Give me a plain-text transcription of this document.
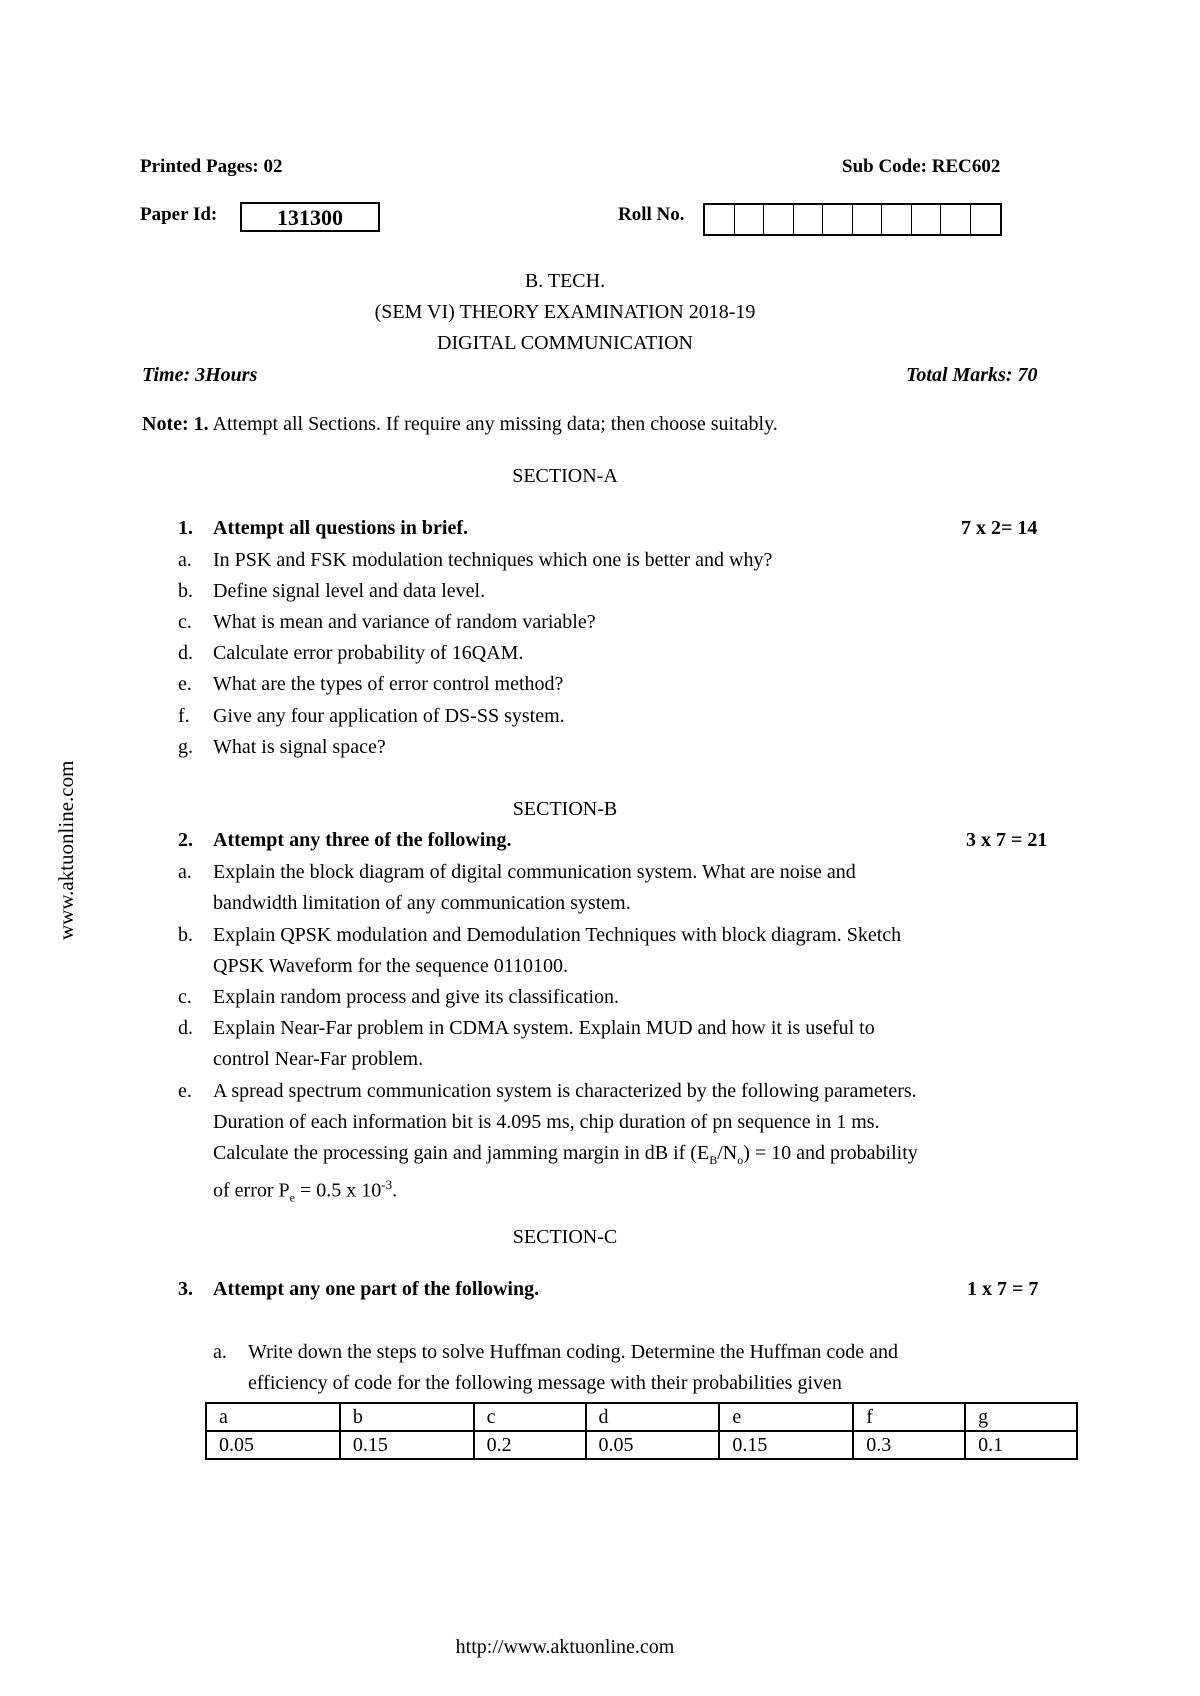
Printed Pages: 02	Sub Code: REC602
Paper Id:	131300	Roll No.
B. TECH.
(SEM VI) THEORY EXAMINATION 2018-19
DIGITAL COMMUNICATION
Time: 3Hours	Total Marks: 70
Note: 1. Attempt all Sections. If require any missing data; then choose suitably.
SECTION-A
1. Attempt all questions in brief.	7 x 2= 14
a. In PSK and FSK modulation techniques which one is better and why?
b. Define signal level and data level.
c. What is mean and variance of random variable?
d. Calculate error probability of 16QAM.
e. What are the types of error control method?
f. Give any four application of DS-SS system.
g. What is signal space?
SECTION-B
2. Attempt any three of the following.	3 x 7 = 21
a. Explain the block diagram of digital communication system. What are noise and
bandwidth limitation of any communication system.
b. Explain QPSK modulation and Demodulation Techniques with block diagram. Sketch
QPSK Waveform for the sequence 0110100.
c. Explain random process and give its classification.
d. Explain Near-Far problem in CDMA system. Explain MUD and how it is useful to
control Near-Far problem.
e. A spread spectrum communication system is characterized by the following parameters.
Duration of each information bit is 4.095 ms, chip duration of pn sequence in 1 ms.
Calculate the processing gain and jamming margin in dB if $(E_B/N_o) = 10$ and probability
of error $P_e = 0.5$ x $10^{-3}$.
SECTION-C
3. Attempt any one part of the following.	1 x 7 = 7
a. Write down the steps to solve Huffman coding. Determine the Huffman code and
efficiency of code for the following message with their probabilities given
a	b	c	d	e	f	g
0.05	0.15	0.2	0.05	0.15	0.3	0.1
www.aktuonline.com
http://www.aktuonline.com
